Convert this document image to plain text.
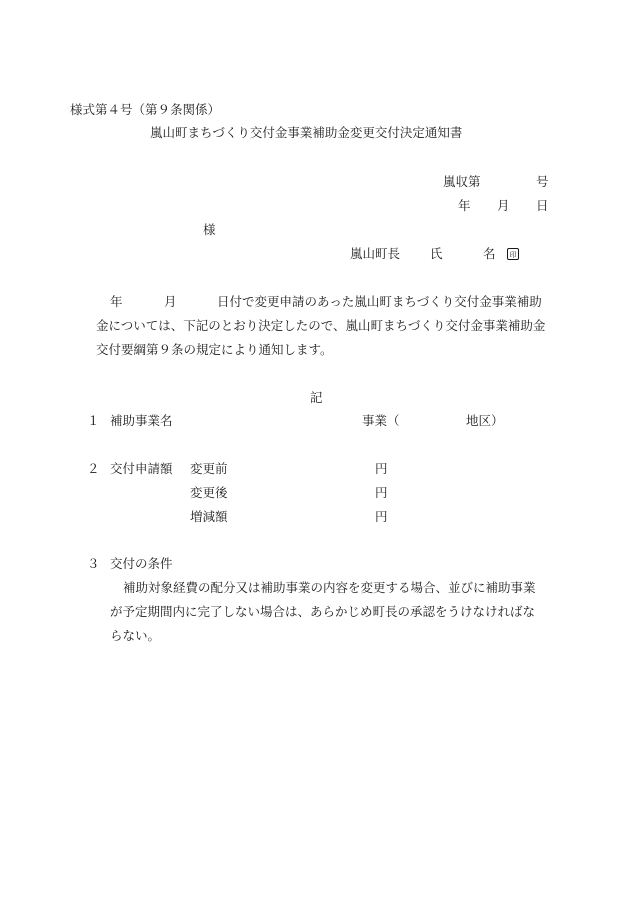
様式第４号（第９条関係）
嵐山町まちづくり交付金事業補助金変更交付決定通知書
嵐収第	号
年 月 日
様
嵐山町長 氏	名	印
年	月	日付で変更申請のあった嵐山町まちづくり交付金事業補助
金については、下記のとおり決定したので、嵐山町まちづくり交付金事業補助金
交付要綱第９条の規定により通知します。
記
１ 補助事業名	事業（	地区）
２ 交付申請額 変更前	円
変更後	円
増減額	円
３ 交付の条件
補助対象経費の配分又は補助事業の内容を変更する場合、並びに補助事業
が予定期間内に完了しない場合は、あらかじめ町長の承認をうけなければな
らない。
